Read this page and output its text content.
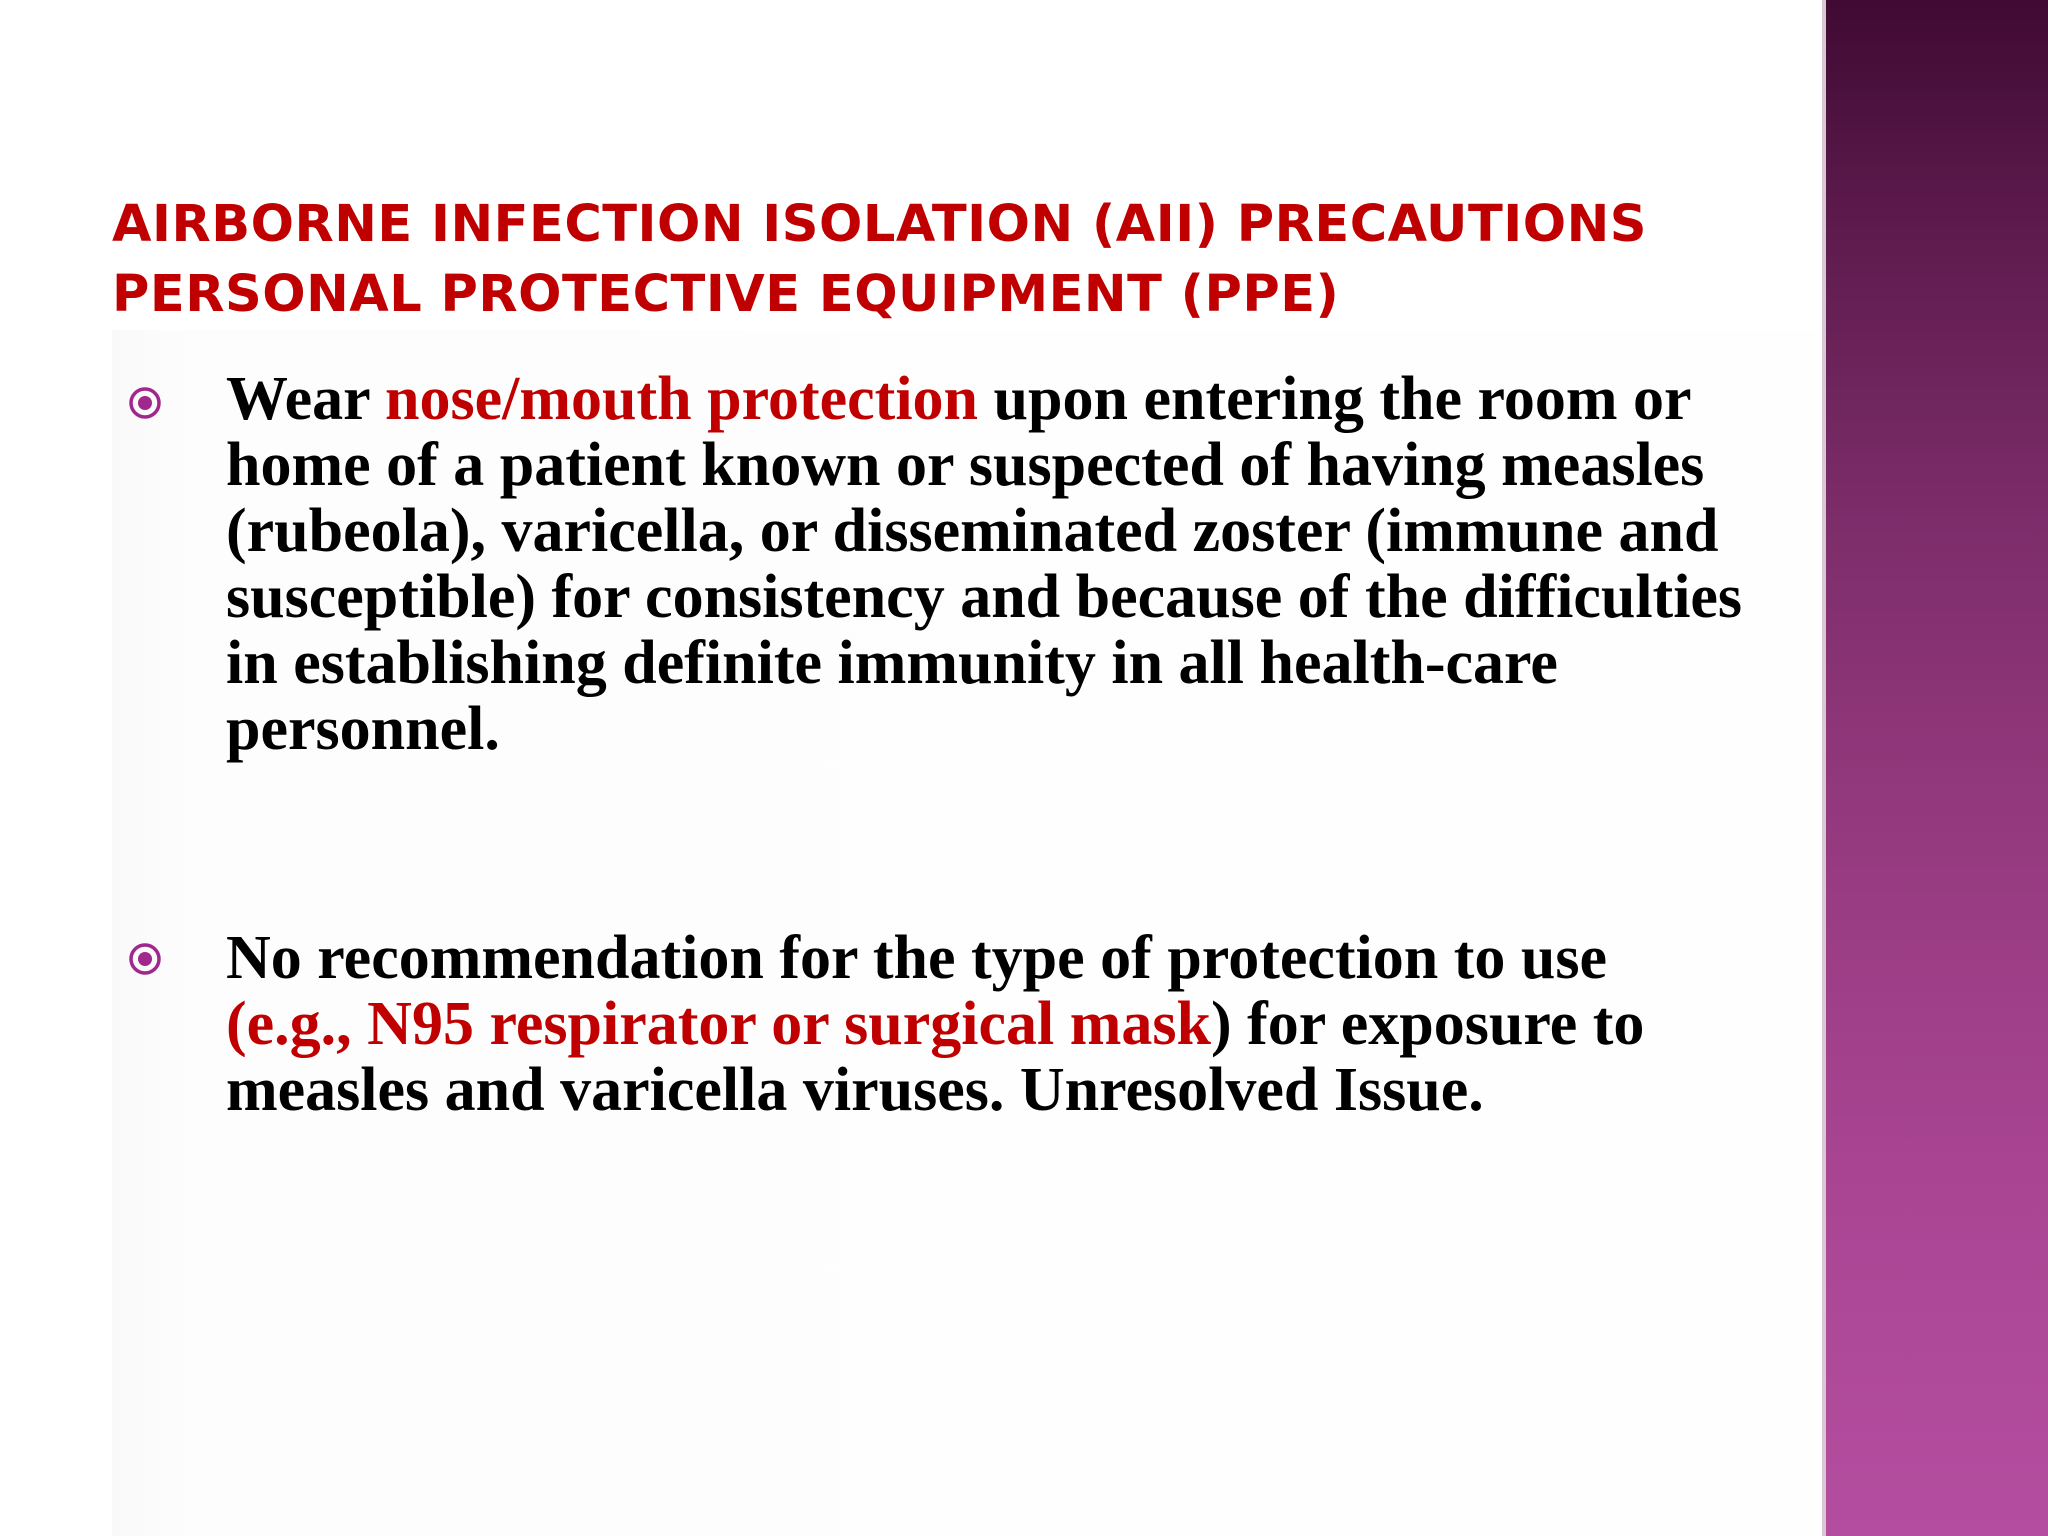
AIRBORNE INFECTION ISOLATION (AII) PRECAUTIONS
PERSONAL PROTECTIVE EQUIPMENT (PPE)
Wear nose/mouth protection upon entering the room or home of a patient known or suspected of having measles (rubeola), varicella, or disseminated zoster (immune and susceptible) for consistency and because of the difficulties in establishing definite immunity in all health-care personnel.
No recommendation for the type of protection to use (e.g., N95 respirator or surgical mask) for exposure to measles and varicella viruses. Unresolved Issue.
